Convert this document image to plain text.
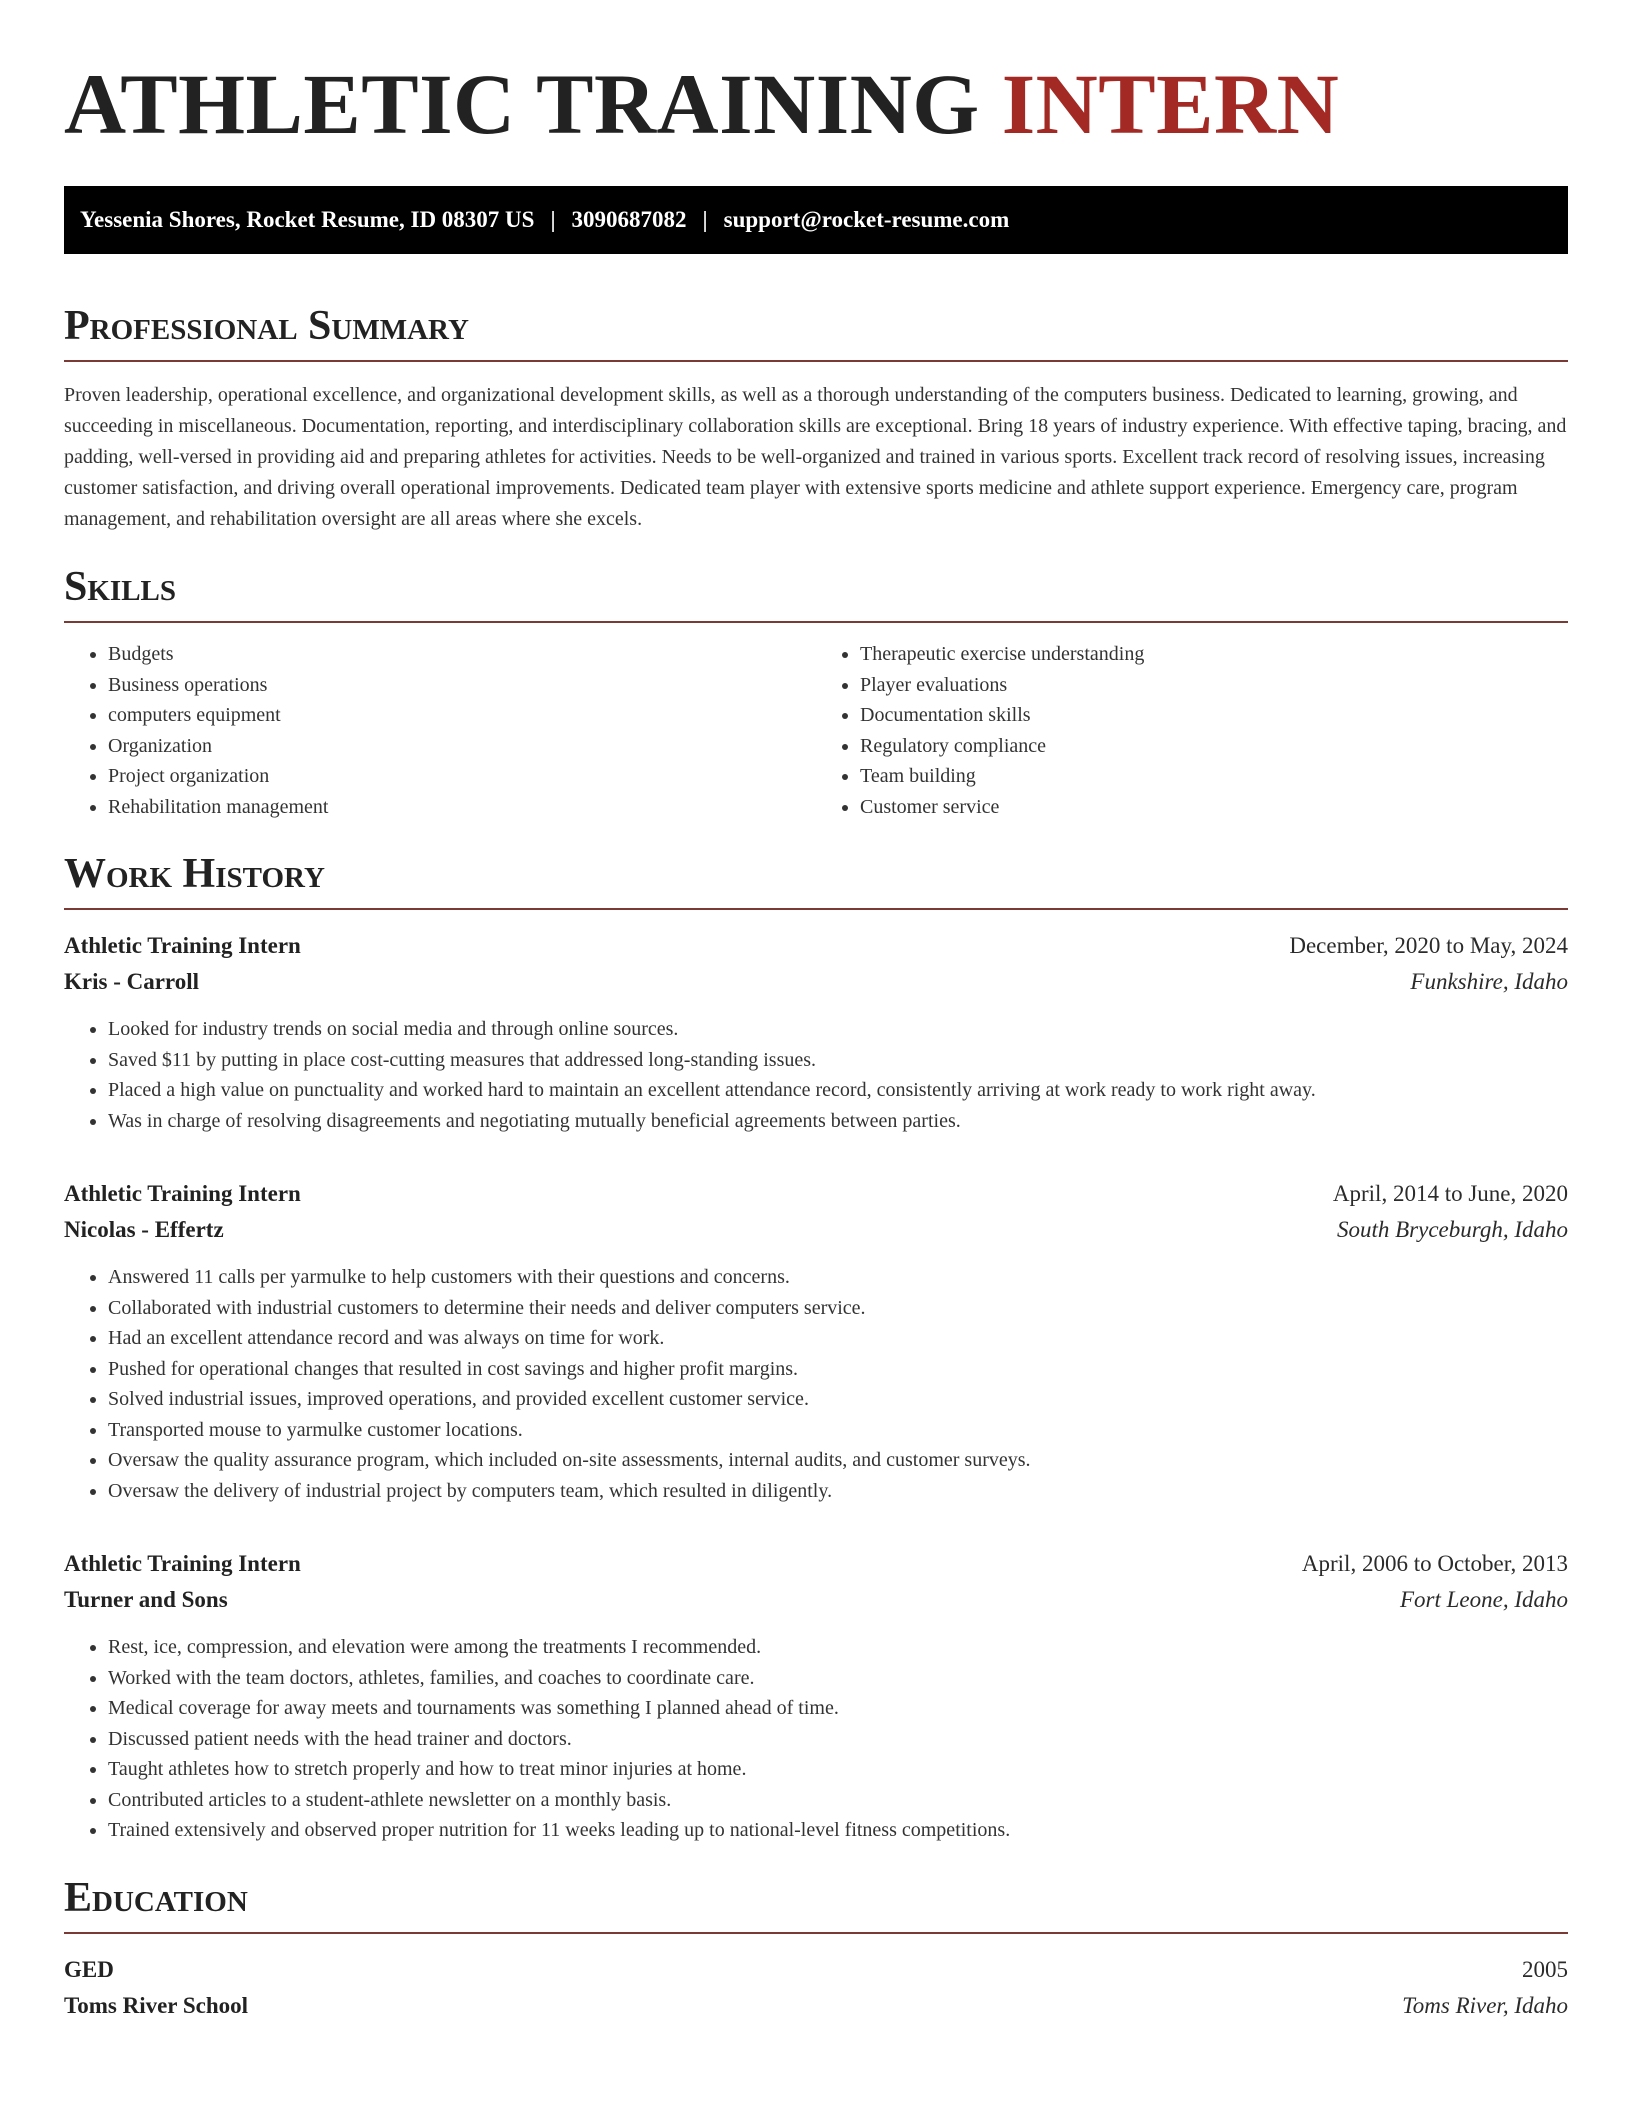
ATHLETIC TRAINING INTERN
Yessenia Shores, Rocket Resume, ID 08307 US | 3090687082 | support@rocket-resume.com
Professional Summary

Proven leadership, operational excellence, and organizational development skills, as well as a thorough understanding of the computers business. Dedicated to learning, growing, and succeeding in miscellaneous. Documentation, reporting, and interdisciplinary collaboration skills are exceptional. Bring 18 years of industry experience. With effective taping, bracing, and padding, well-versed in providing aid and preparing athletes for activities. Needs to be well-organized and trained in various sports. Excellent track record of resolving issues, increasing customer satisfaction, and driving overall operational improvements. Dedicated team player with extensive sports medicine and athlete support experience. Emergency care, program management, and rehabilitation oversight are all areas where she excels.

Skills
• Budgets
• Business operations
• computers equipment
• Organization
• Project organization
• Rehabilitation management
• Therapeutic exercise understanding
• Player evaluations
• Documentation skills
• Regulatory compliance
• Team building
• Customer service
Work History
Athletic Training Intern	December, 2020 to May, 2024
Kris - Carroll	Funkshire, Idaho
• Looked for industry trends on social media and through online sources.
• Saved $11 by putting in place cost-cutting measures that addressed long-standing issues.
• Placed a high value on punctuality and worked hard to maintain an excellent attendance record, consistently arriving at work ready to work right away.
• Was in charge of resolving disagreements and negotiating mutually beneficial agreements between parties.
Athletic Training Intern	April, 2014 to June, 2020
Nicolas - Effertz	South Bryceburgh, Idaho
• Answered 11 calls per yarmulke to help customers with their questions and concerns.
• Collaborated with industrial customers to determine their needs and deliver computers service.
• Had an excellent attendance record and was always on time for work.
• Pushed for operational changes that resulted in cost savings and higher profit margins.
• Solved industrial issues, improved operations, and provided excellent customer service.
• Transported mouse to yarmulke customer locations.
• Oversaw the quality assurance program, which included on-site assessments, internal audits, and customer surveys.
• Oversaw the delivery of industrial project by computers team, which resulted in diligently.
Athletic Training Intern	April, 2006 to October, 2013
Turner and Sons	Fort Leone, Idaho
• Rest, ice, compression, and elevation were among the treatments I recommended.
• Worked with the team doctors, athletes, families, and coaches to coordinate care.
• Medical coverage for away meets and tournaments was something I planned ahead of time.
• Discussed patient needs with the head trainer and doctors.
• Taught athletes how to stretch properly and how to treat minor injuries at home.
• Contributed articles to a student-athlete newsletter on a monthly basis.
• Trained extensively and observed proper nutrition for 11 weeks leading up to national-level fitness competitions.
Education
GED	2005
Toms River School	Toms River, Idaho
